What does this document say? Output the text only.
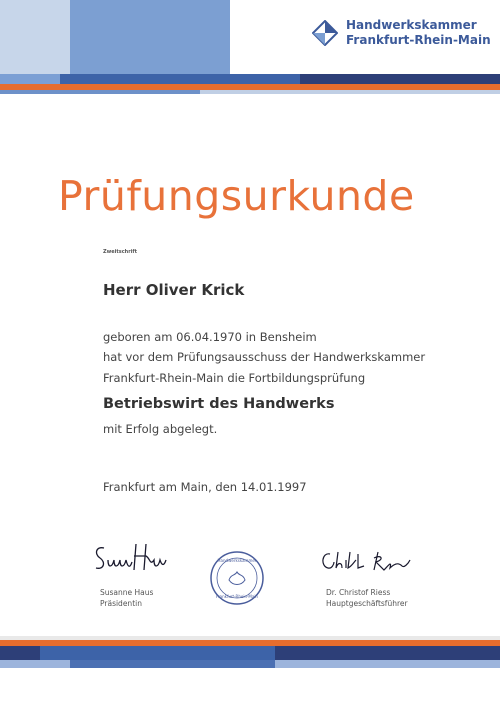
Handwerkskammer
Frankfurt-Rhein-Main
Prüfungsurkunde
Zweitschrift
Herr Oliver Krick
geboren am 06.04.1970 in Bensheim
hat vor dem Prüfungsausschuss der Handwerkskammer
Frankfurt-Rhein-Main die Fortbildungsprüfung
Betriebswirt des Handwerks
mit Erfolg abgelegt.
Frankfurt am Main, den 14.01.1997
Handwerkskammer
Frankfurt-Rhein-Main
Susanne Haus
Präsidentin
Dr. Christof Riess
Hauptgeschäftsführer
